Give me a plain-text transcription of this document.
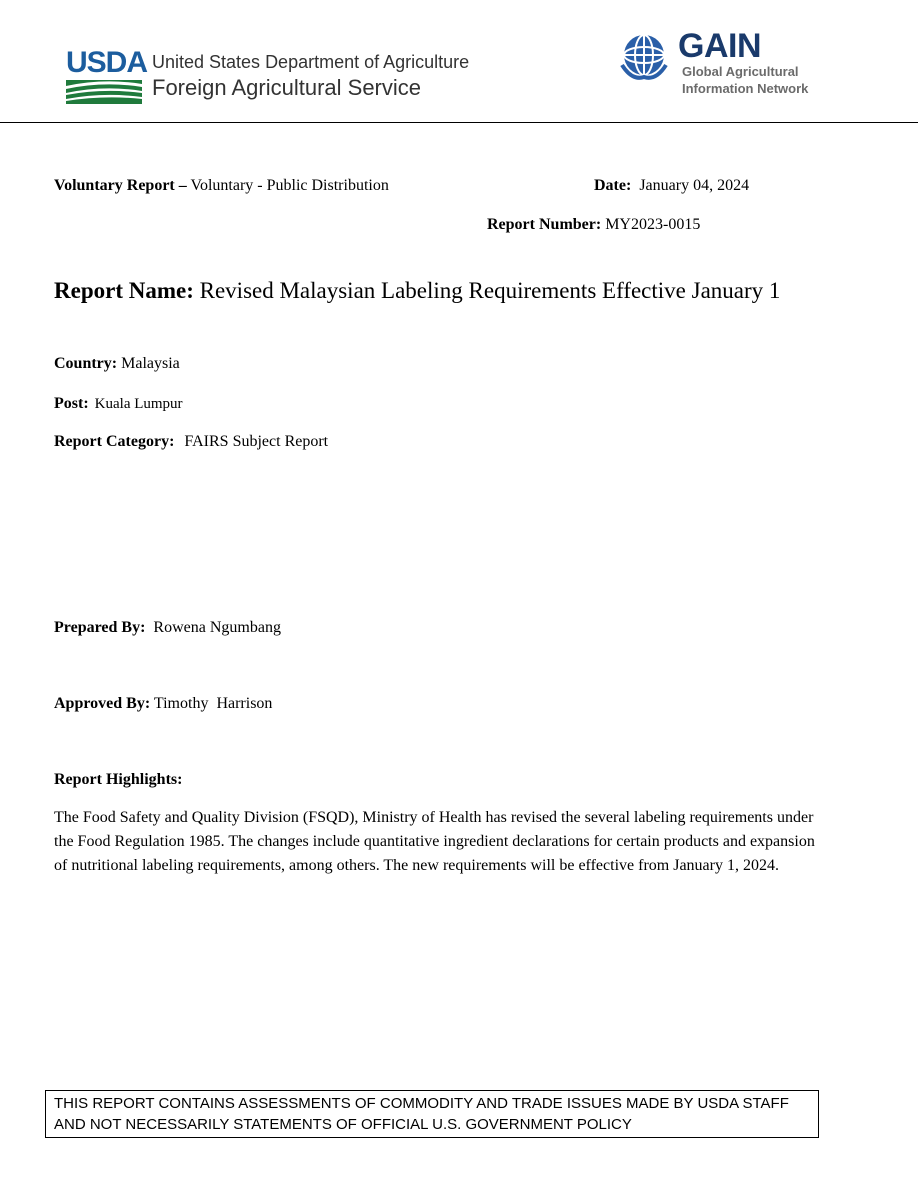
USDA United States Department of Agriculture
Foreign Agricultural Service
GAIN
Global Agricultural
Information Network
Voluntary Report – Voluntary - Public Distribution	Date: January 04, 2024
Report Number: MY2023-0015
Report Name: Revised Malaysian Labeling Requirements Effective January 1
Country: Malaysia
Post: Kuala Lumpur
Report Category: FAIRS Subject Report
Prepared By: Rowena Ngumbang
Approved By: Timothy  Harrison
Report Highlights:
The Food Safety and Quality Division (FSQD), Ministry of Health has revised the several labeling requirements under the Food Regulation 1985. The changes include quantitative ingredient declarations for certain products and expansion of nutritional labeling requirements, among others. The new requirements will be effective from January 1, 2024.
THIS REPORT CONTAINS ASSESSMENTS OF COMMODITY AND TRADE ISSUES MADE BY USDA STAFF
AND NOT NECESSARILY STATEMENTS OF OFFICIAL U.S. GOVERNMENT POLICY
